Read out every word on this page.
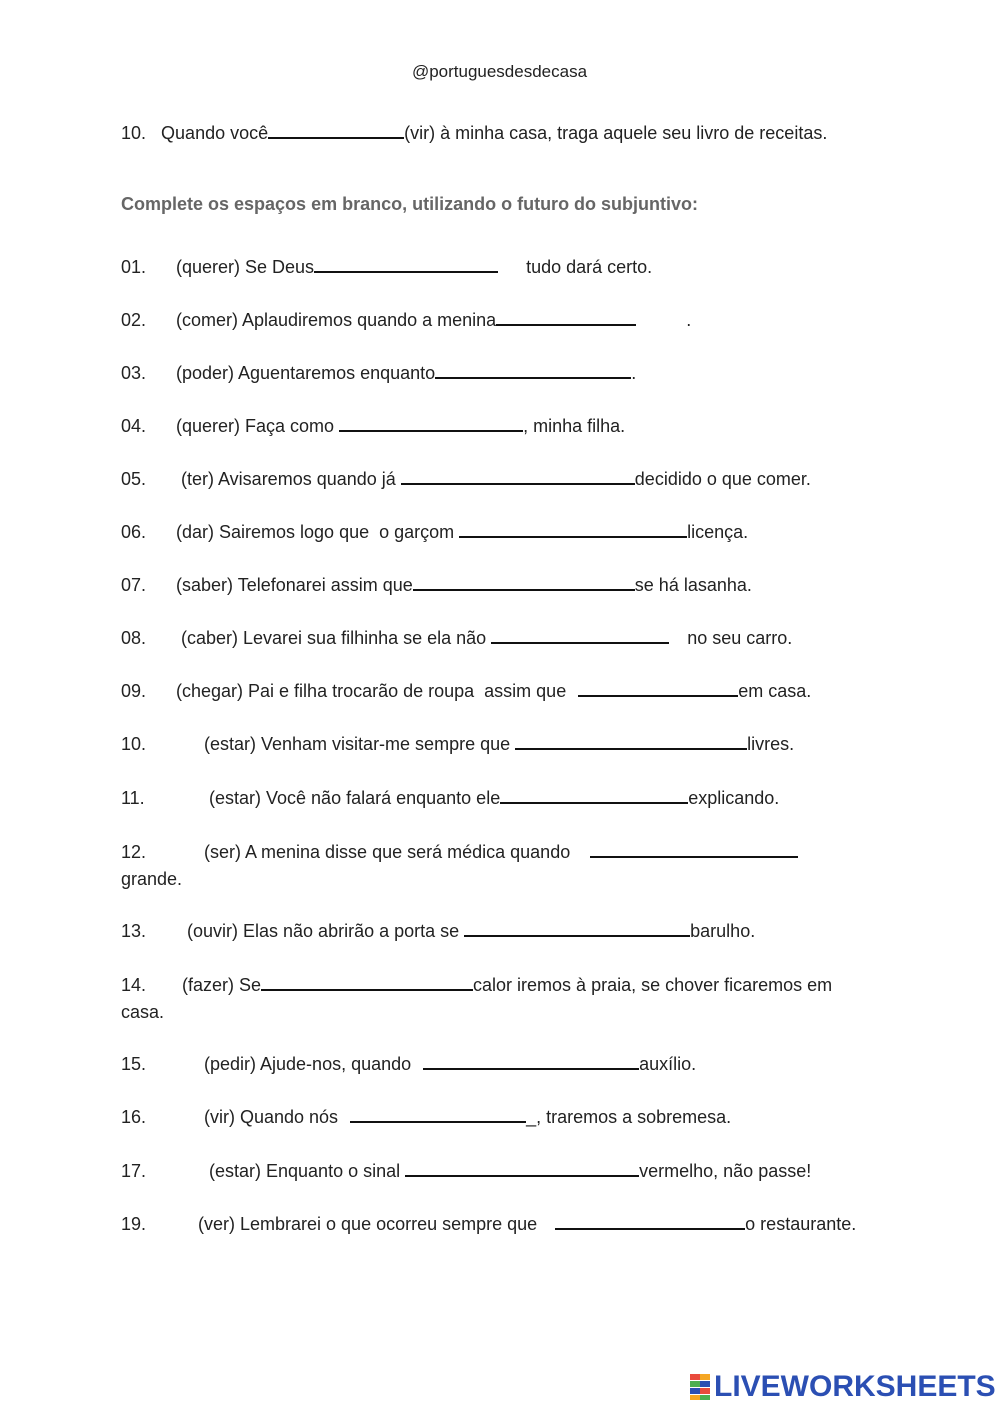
@portuguesdesdecasa
10. Quando você	(vir) à minha casa, traga aquele seu livro de receitas.
Complete os espaços em branco, utilizando o futuro do subjuntivo:
01. (querer) Se Deus	tudo dará certo.
02. (comer) Aplaudiremos quando a menina	.
03. (poder) Aguentaremos enquanto	.
04. (querer) Faça como	, minha filha.
05. (ter) Avisaremos quando já	decidido o que comer.
06. (dar) Sairemos logo que  o garçom	licença.
07. (saber) Telefonarei assim que	se há lasanha.
08. (caber) Levarei sua filhinha se ela não	no seu carro.
09. (chegar) Pai e filha trocarão de roupa  assim que	em casa.
10.	(estar) Venham visitar-me sempre que	livres.
11.	(estar) Você não falará enquanto ele	explicando.
12.	(ser) A menina disse que será médica quando
grande.
13. (ouvir) Elas não abrirão a porta se	barulho.
14. (fazer) Se	calor iremos à praia, se chover ficaremos em casa.
15.	(pedir) Ajude-nos, quando	auxílio.
16.	(vir) Quando nós	_, traremos a sobremesa.
17.	(estar) Enquanto o sinal	vermelho, não passe!
19.	(ver) Lembrarei o que ocorreu sempre que	o restaurante.
LIVEWORKSHEETS
